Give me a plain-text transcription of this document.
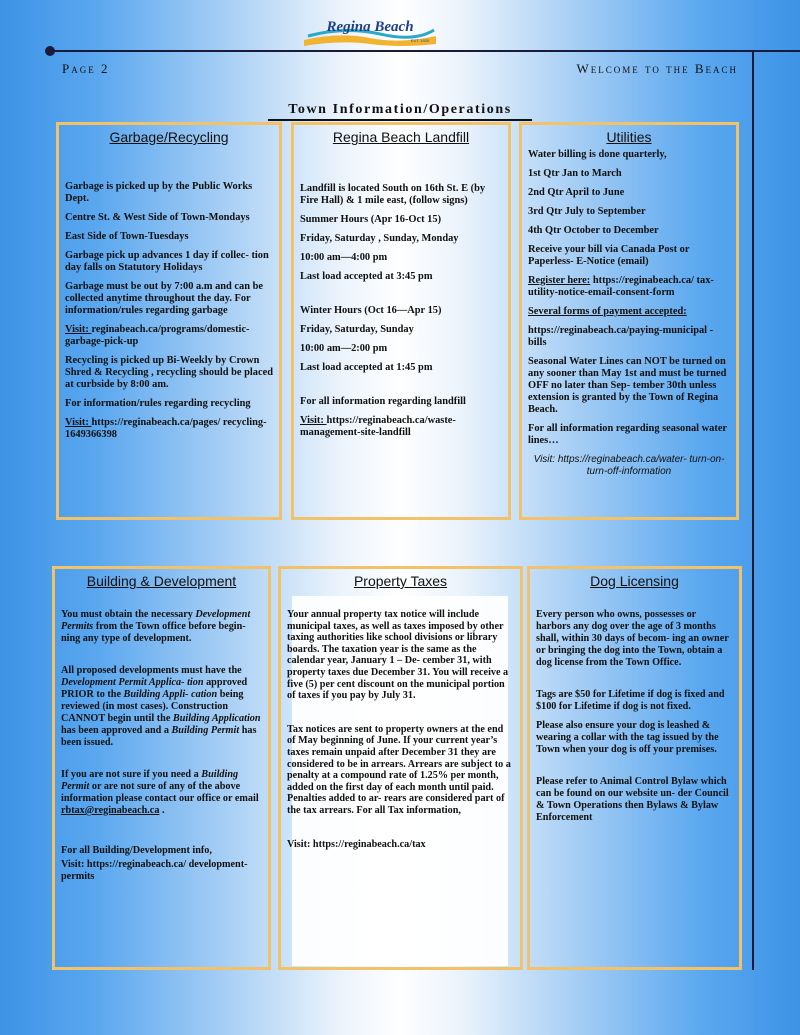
Regina Beach
EST. 1920
Page 2	Welcome to the Beach
Town Information/Operations
Garbage/Recycling

Garbage is picked up by the Public Works Dept.

Centre St. & West Side of Town-Mondays

East Side of Town-Tuesdays

Garbage pick up advances 1 day if collec- tion day falls on Statutory Holidays

Garbage must be out by 7:00 a.m and can be collected anytime throughout the day. For information/rules regarding garbage

Visit: reginabeach.ca/programs/domestic- garbage-pick-up

Recycling is picked up Bi-Weekly by Crown Shred & Recycling , recycling should be placed at curbside by 8:00 am.

For information/rules regarding recycling

Visit: https://reginabeach.ca/pages/ recycling-1649366398

Regina Beach Landfill

Landfill is located South on 16th St. E (by Fire Hall) & 1 mile east, (follow signs)

Summer Hours (Apr 16-Oct 15)

Friday, Saturday , Sunday, Monday

10:00 am—4:00 pm

Last load accepted at 3:45 pm

Winter Hours (Oct 16—Apr 15)

Friday, Saturday, Sunday

10:00 am—2:00 pm

Last load accepted at 1:45 pm

For all information regarding landfill

Visit: https://reginabeach.ca/waste- management-site-landfill

Utilities

Water billing is done quarterly,

1st Qtr Jan to March

2nd Qtr April to June

3rd Qtr July to September

4th Qtr October to December

Receive your bill via Canada Post or Paperless- E-Notice (email)

Register here: https://reginabeach.ca/ tax-utility-notice-email-consent-form

Several forms of payment accepted:

https://reginabeach.ca/paying-municipal -bills

Seasonal Water Lines can NOT be turned on any sooner than May 1st and must be turned OFF no later than Sep- tember 30th unless extension is granted by the Town of Regina Beach.

For all information regarding seasonal water lines…

Visit: https://reginabeach.ca/water- turn-on-turn-off-information

Building & Development

You must obtain the necessary Development Permits from the Town office before begin- ning any type of development.

All proposed developments must have the Development Permit Applica- tion approved PRIOR to the Building Appli- cation being reviewed (in most cases). Construction CANNOT begin until the Building Application has been approved and a Building Permit has been issued.

If you are not sure if you need a Building Permit or are not sure of any of the above information please contact our office or email rbtax@reginabeach.ca .

For all Building/Development info,

Visit: https://reginabeach.ca/ development-permits

Property Taxes

Your annual property tax notice will include municipal taxes, as well as taxes imposed by other taxing authorities like school divisions or library boards. The taxation year is the same as the calendar year, January 1 – De- cember 31, with property taxes due December 31. You will receive a five (5) per cent discount on the municipal portion of taxes if you pay by July 31.

Tax notices are sent to property owners at the end of May beginning of June. If your current year’s taxes remain unpaid after December 31 they are considered to be in arrears. Arrears are subject to a penalty at a compound rate of 1.25% per month, added on the first day of each month until paid. Penalties added to ar- rears are considered part of the tax arrears. For all Tax information,

Visit: https://reginabeach.ca/tax

Dog Licensing

Every person who owns, possesses or harbors any dog over the age of 3 months shall, within 30 days of becom- ing an owner or bringing the dog into the Town, obtain a dog license from the Town Office.

Tags are $50 for Lifetime if dog is fixed and $100 for Lifetime if dog is not fixed.

Please also ensure your dog is leashed & wearing a collar with the tag issued by the Town when your dog is off your premises.

Please refer to Animal Control Bylaw which can be found on our website un- der Council & Town Operations then Bylaws & Bylaw Enforcement
